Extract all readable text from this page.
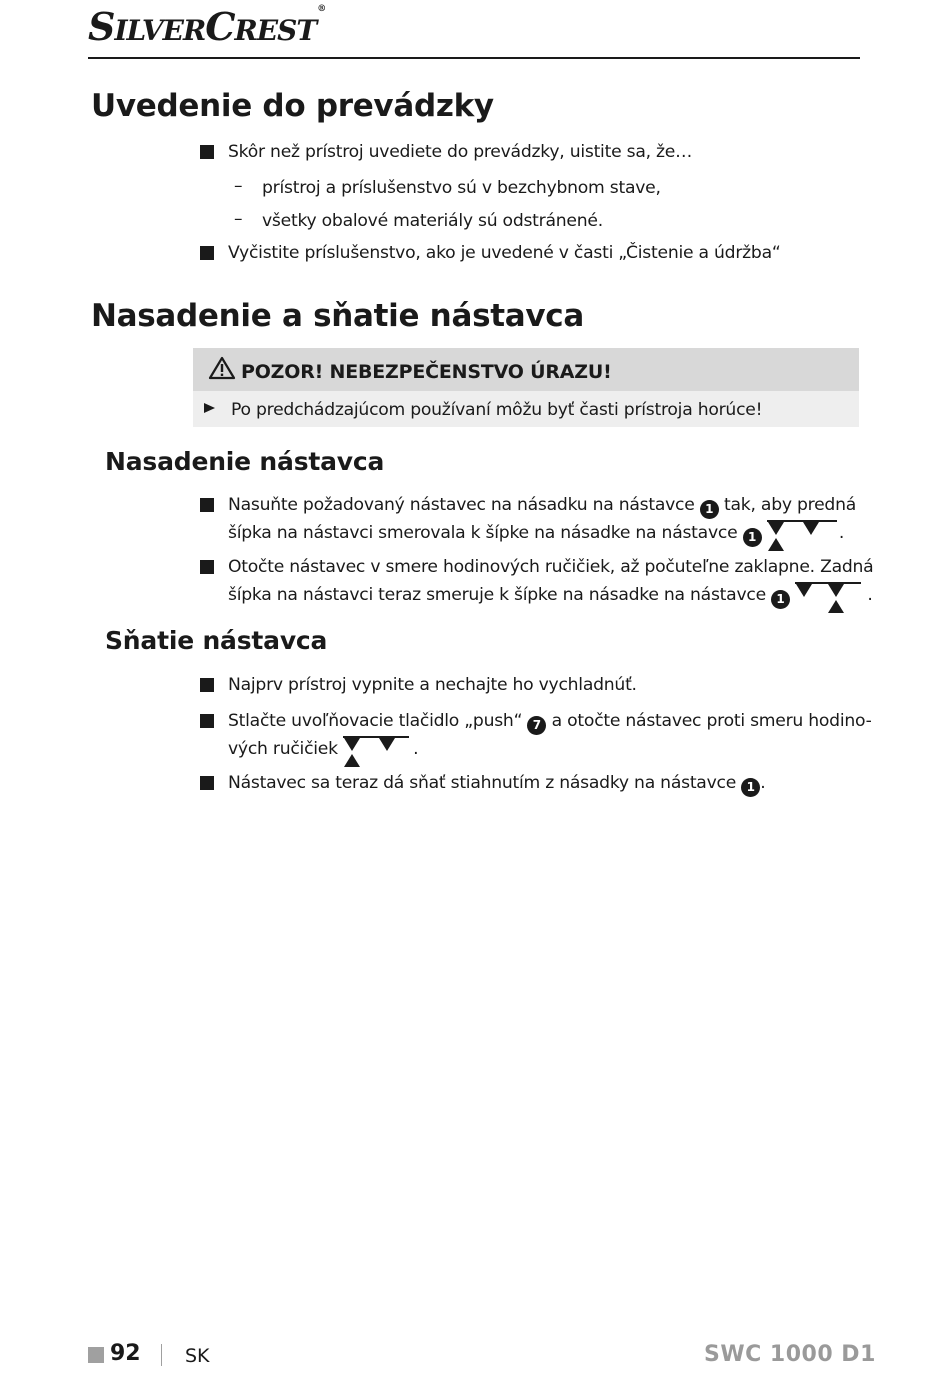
SILVERCREST®
Uvedenie do prevádzky
Skôr než prístroj uvediete do prevádzky, uistite sa, že…
– prístroj a príslušenstvo sú v bezchybnom stave,
– všetky obalové materiály sú odstránené.
Vyčistite príslušenstvo, ako je uvedené v časti „Čistenie a údržba“
Nasadenie a sňatie nástavca
POZOR! NEBEZPEČENSTVO ÚRAZU!
Po predchádzajúcom používaní môžu byť časti prístroja horúce!
Nasadenie nástavca
Nasuňte požadovaný nástavec na násadku na nástavce 1 tak, aby predná
šípka na nástavci smerovala k šípke na násadke na nástavce 1	.
Otočte nástavec v smere hodinových ručičiek, až počuteľne zaklapne. Zadná
šípka na nástavci teraz smeruje k šípke na násadke na nástavce 1	.
Sňatie nástavca
Najprv prístroj vypnite a nechajte ho vychladnúť.
Stlačte uvoľňovacie tlačidlo „push“ 7 a otočte nástavec proti smeru hodino-
vých ručičiek	.
Nástavec sa teraz dá sňať stiahnutím z násadky na nástavce 1 .
92 SK	SWC 1000 D1
